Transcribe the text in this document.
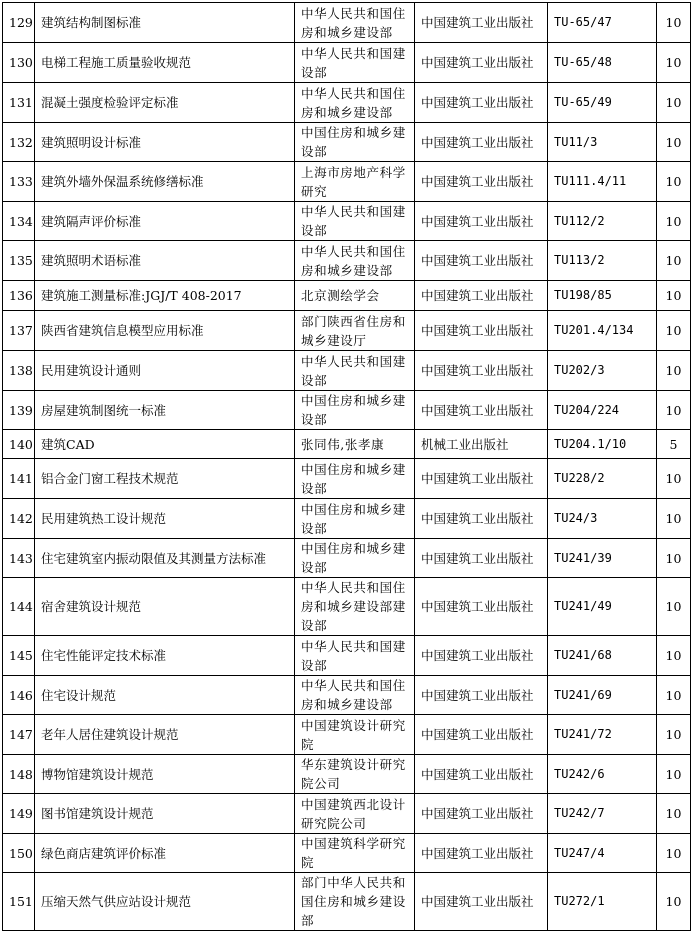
129	建筑结构制图标准	中华人民共和国住
房和城乡建设部	中国建筑工业出版社	TU-65/47	10
130	电梯工程施工质量验收规范	中华人民共和国建
设部	中国建筑工业出版社	TU-65/48	10
131	混凝土强度检验评定标准	中华人民共和国住
房和城乡建设部	中国建筑工业出版社	TU-65/49	10
132	建筑照明设计标准	中国住房和城乡建
设部	中国建筑工业出版社	TU11/3	10
133	建筑外墙外保温系统修缮标准	上海市房地产科学
研究	中国建筑工业出版社	TU111.4/11	10
134	建筑隔声评价标准	中华人民共和国建
设部	中国建筑工业出版社	TU112/2	10
135	建筑照明术语标准	中华人民共和国住
房和城乡建设部	中国建筑工业出版社	TU113/2	10
136	建筑施工测量标准:JGJ/T 408-2017	北京测绘学会	中国建筑工业出版社	TU198/85	10
137	陕西省建筑信息模型应用标准	部门陕西省住房和
城乡建设厅	中国建筑工业出版社	TU201.4/134	10
138	民用建筑设计通则	中华人民共和国建
设部	中国建筑工业出版社	TU202/3	10
139	房屋建筑制图统一标准	中国住房和城乡建
设部	中国建筑工业出版社	TU204/224	10
140	建筑CAD	张同伟,张孝康	机械工业出版社	TU204.1/10	5
141	铝合金门窗工程技术规范	中国住房和城乡建
设部	中国建筑工业出版社	TU228/2	10
142	民用建筑热工设计规范	中国住房和城乡建
设部	中国建筑工业出版社	TU24/3	10
143	住宅建筑室内振动限值及其测量方法标准	中国住房和城乡建
设部	中国建筑工业出版社	TU241/39	10
144	宿舍建筑设计规范	中华人民共和国住
房和城乡建设部建
设部	中国建筑工业出版社	TU241/49	10
145	住宅性能评定技术标准	中华人民共和国建
设部	中国建筑工业出版社	TU241/68	10
146	住宅设计规范	中华人民共和国住
房和城乡建设部	中国建筑工业出版社	TU241/69	10
147	老年人居住建筑设计规范	中国建筑设计研究
院	中国建筑工业出版社	TU241/72	10
148	博物馆建筑设计规范	华东建筑设计研究
院公司	中国建筑工业出版社	TU242/6	10
149	图书馆建筑设计规范	中国建筑西北设计
研究院公司	中国建筑工业出版社	TU242/7	10
150	绿色商店建筑评价标准	中国建筑科学研究
院	中国建筑工业出版社	TU247/4	10
151	压缩天然气供应站设计规范	部门中华人民共和
国住房和城乡建设
部	中国建筑工业出版社	TU272/1	10
